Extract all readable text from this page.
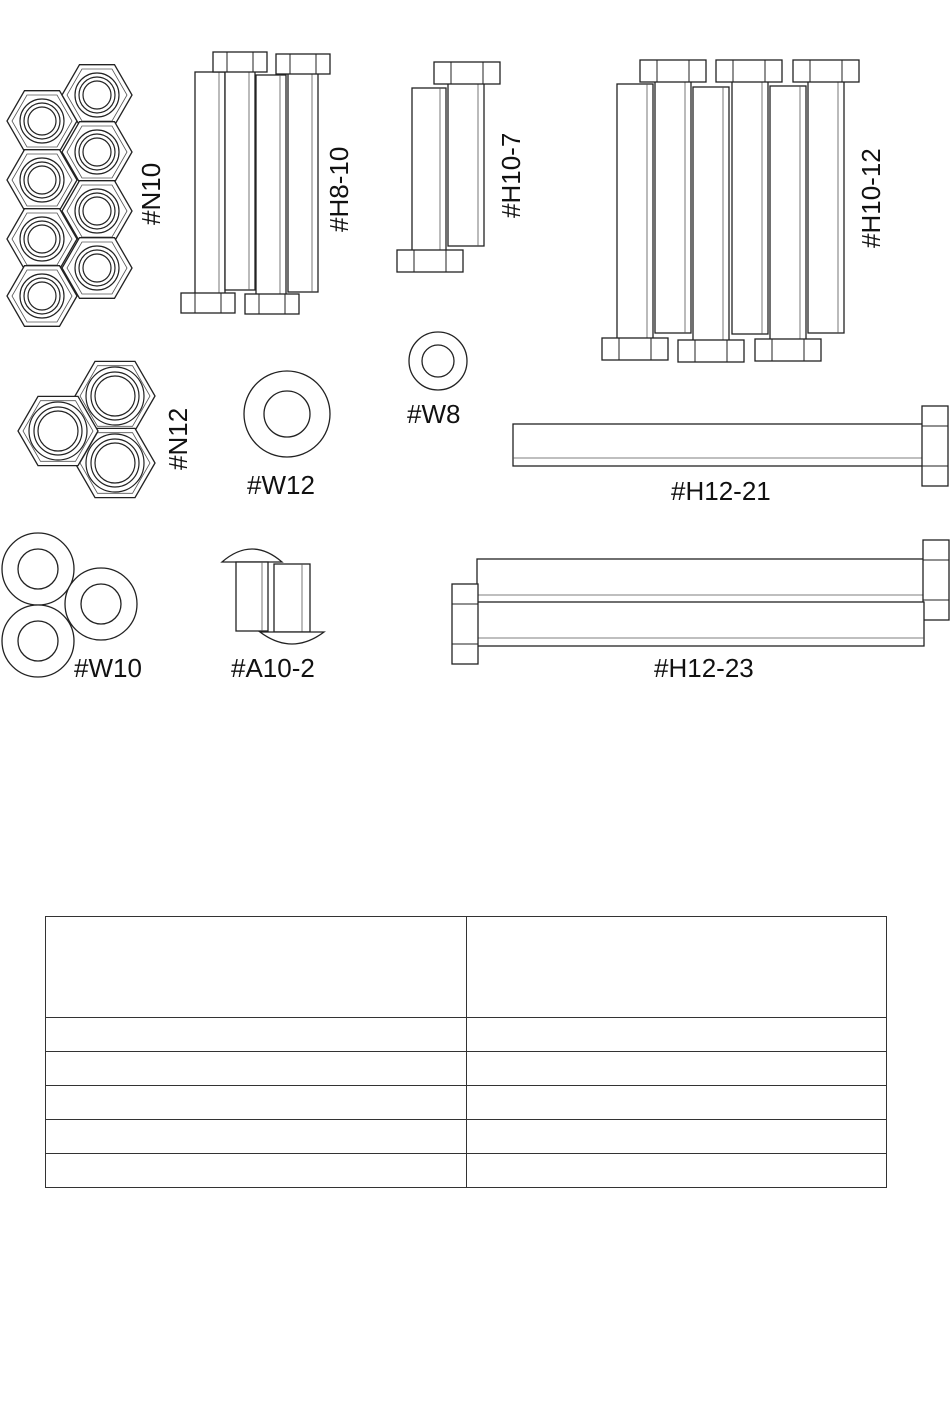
#N10	#H8-10	#H10-7	#H10-12
#N12
#W12
#W8
#H12-21
#W10	#A10-2	#H12-23
